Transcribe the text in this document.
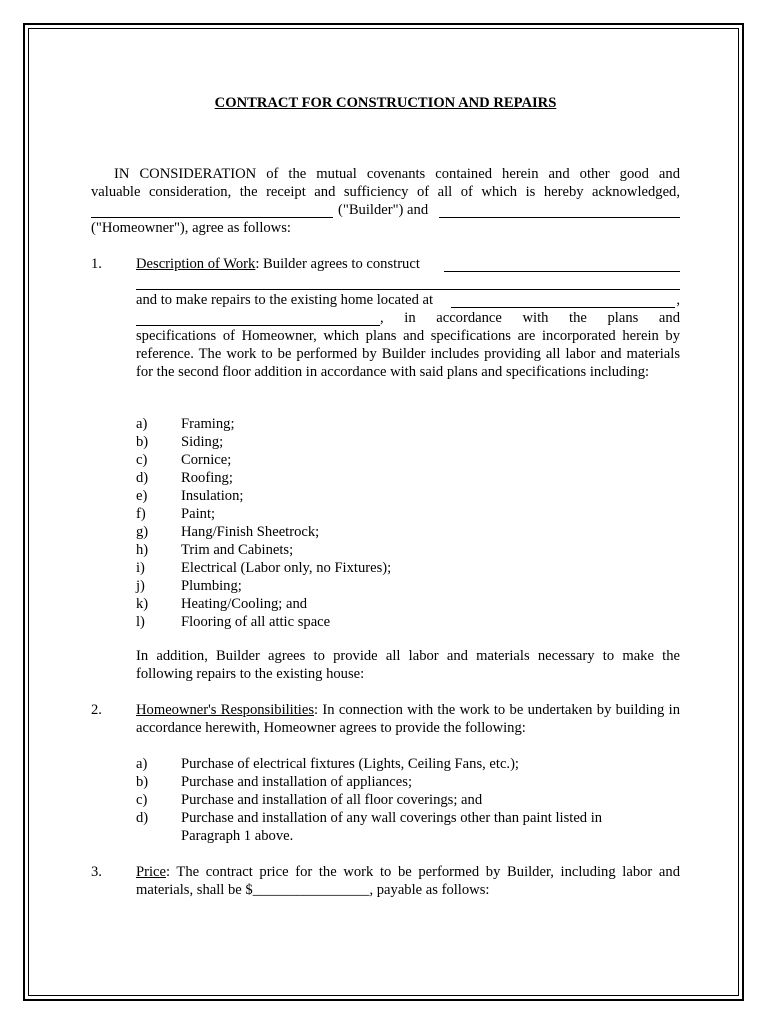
CONTRACT FOR CONSTRUCTION AND REPAIRS
IN CONSIDERATION of the mutual covenants contained herein and other good and
valuable consideration, the receipt and sufficiency of all of which is hereby acknowledged,
("Builder") and
("Homeowner"), agree as follows:
1. Description of Work: Builder agrees to construct
and to make repairs to the existing home located at	,
, in accordance with the plans and
specifications of Homeowner, which plans and specifications are incorporated herein by reference. The work to be performed by Builder includes providing all labor and materials for the second floor addition in accordance with said plans and specifications including:
a) Framing;
b) Siding;
c) Cornice;
d) Roofing;
e) Insulation;
f) Paint;
g) Hang/Finish Sheetrock;
h) Trim and Cabinets;
i) Electrical (Labor only, no Fixtures);
j) Plumbing;
k) Heating/Cooling; and
l) Flooring of all attic space
In addition, Builder agrees to provide all labor and materials necessary to make the following repairs to the existing house:
2. Homeowner's Responsibilities: In connection with the work to be undertaken by building in accordance herewith, Homeowner agrees to provide the following:
a) Purchase of electrical fixtures (Lights, Ceiling Fans, etc.);
b) Purchase and installation of appliances;
c) Purchase and installation of all floor coverings; and
d) Purchase and installation of any wall coverings other than paint listed in
Paragraph 1 above.
3. Price: The contract price for the work to be performed by Builder, including labor and
materials, shall be $________________, payable as follows:
